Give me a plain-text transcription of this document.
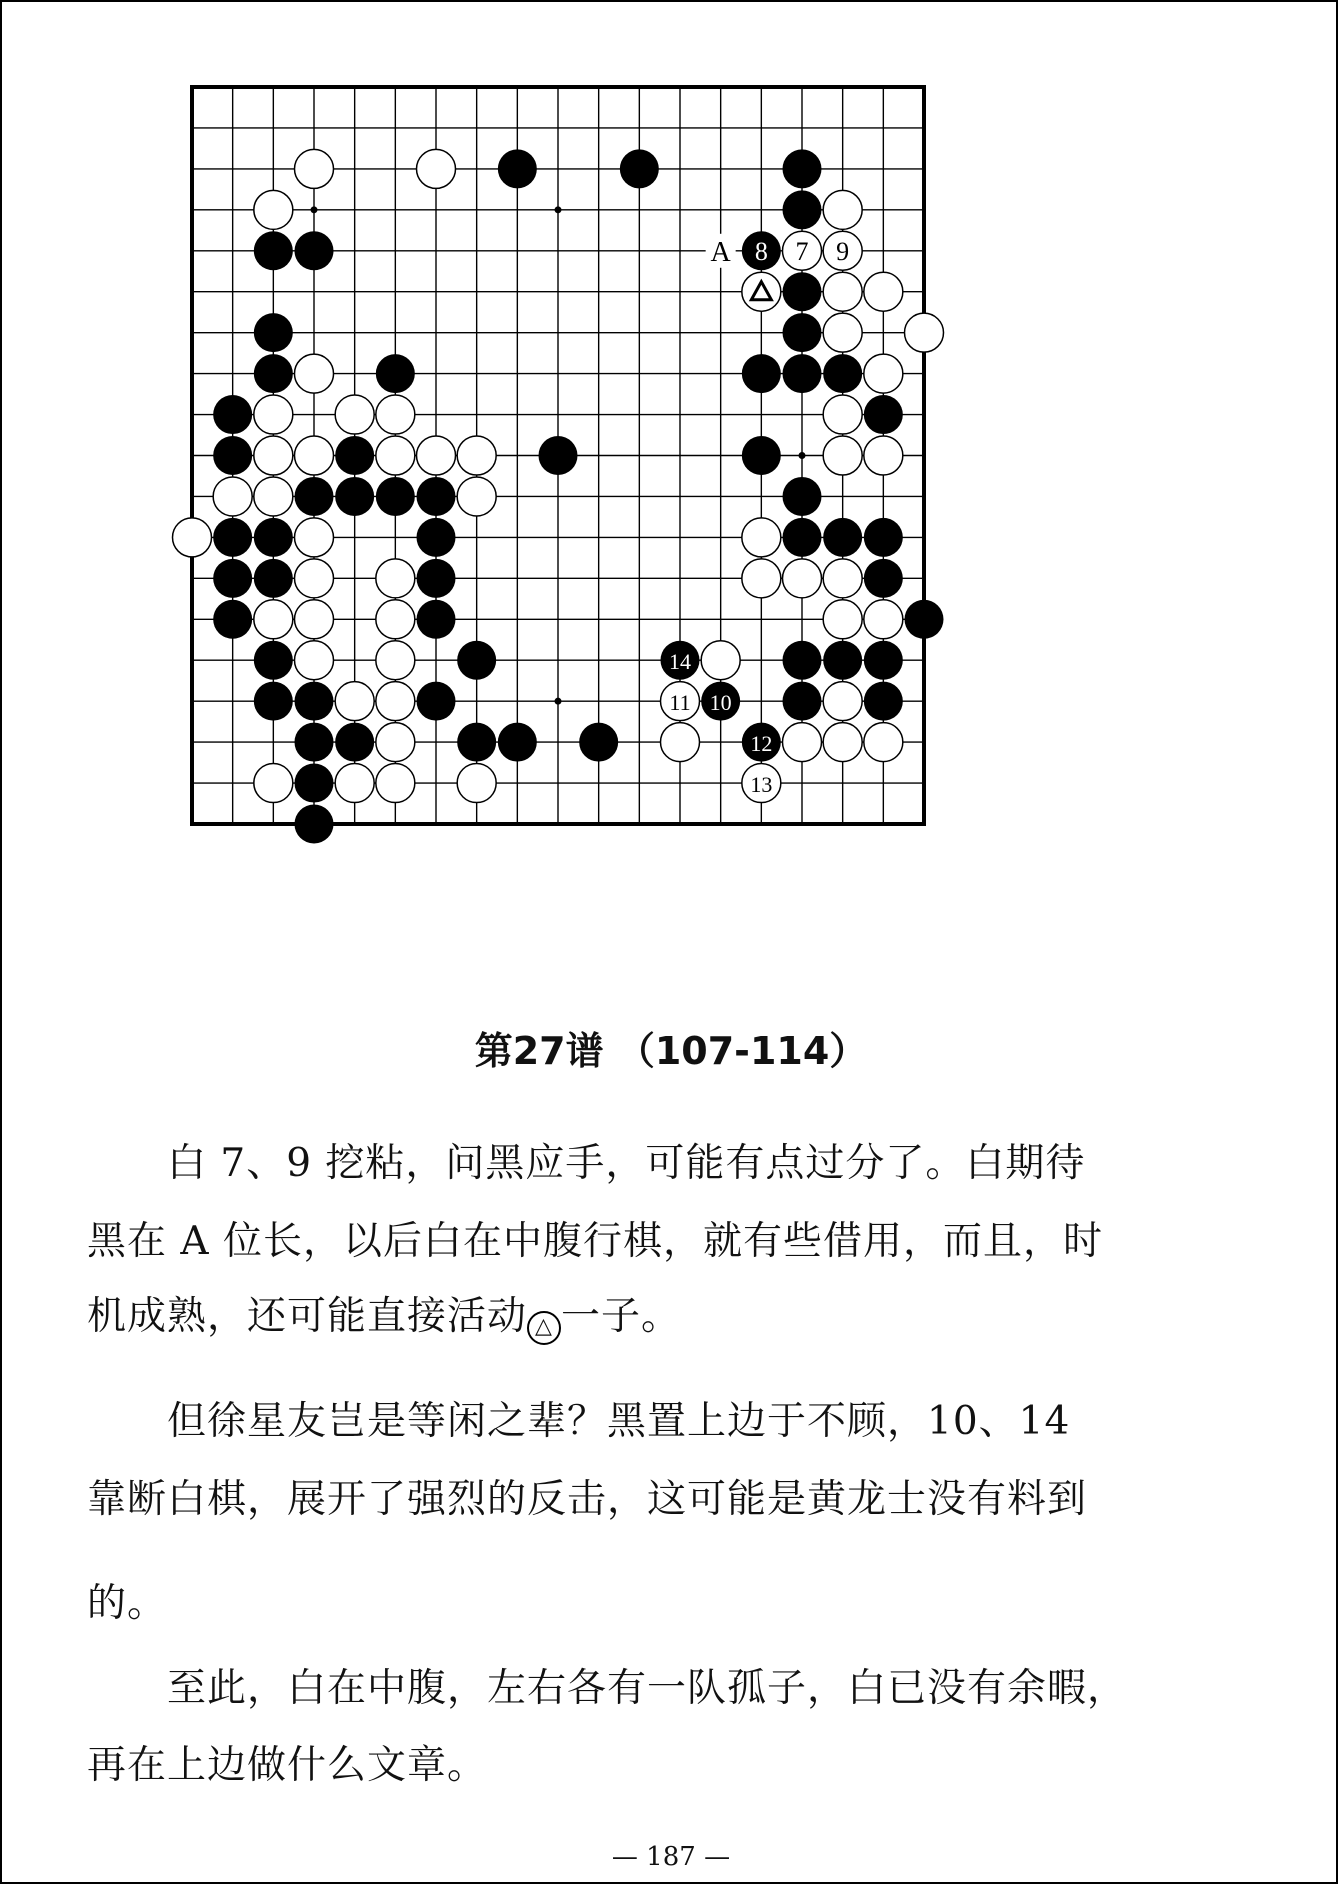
7
8	9
10
11
12
13
14
A
第27谱 （107-114）
白 7、9 挖粘，问黑应手，可能有点过分了。白期待
黑在 A 位长，以后白在中腹行棋，就有些借用，而且，时
机成熟，还可能直接活动 △ 一子。
但徐星友岂是等闲之辈？黑置上边于不顾，10、14
靠断白棋，展开了强烈的反击，这可能是黄龙士没有料到
的。
至此，白在中腹，左右各有一队孤子，白已没有余暇，
再在上边做什么文章。
— 187 —
